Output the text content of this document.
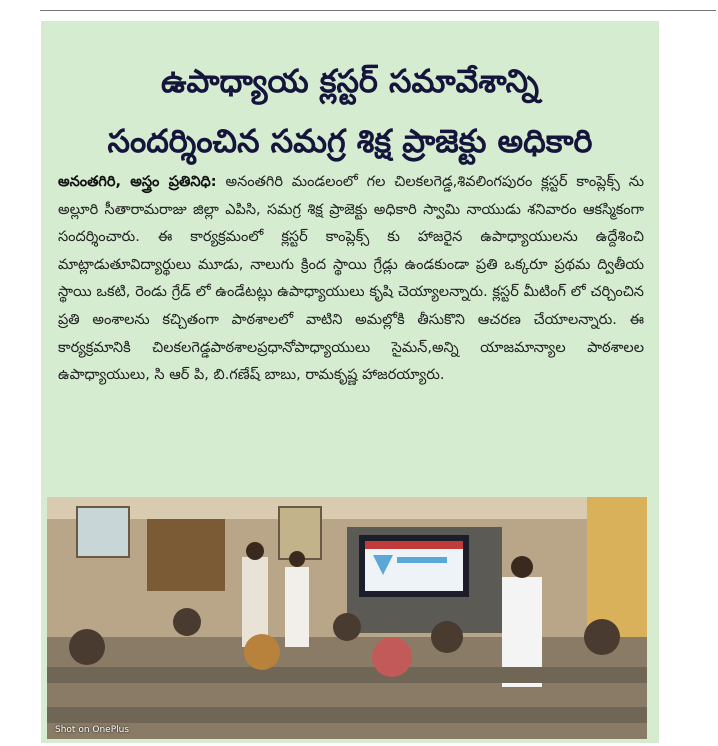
ఉపాధ్యాయ క్లస్టర్ సమావేశాన్ని
సందర్శించిన సమగ్ర శిక్ష ప్రాజెక్టు అధికారి

అనంతగిరి, అస్త్రం ప్రతినిధి: అనంతగిరి మండలంలో గల చిలకలగెడ్డ,శివలింగపురం క్లస్టర్ కాంప్లెక్స్ ను అల్లూరి సీతారామరాజు జిల్లా ఎపిసి, సమగ్ర శిక్ష ప్రాజెక్టు అధికారి స్వామి నాయుడు శనివారం ఆకస్మికంగా సందర్శించారు. ఈ కార్యక్రమంలో క్లస్టర్ కాంప్లెక్స్ కు హాజరైన ఉపాధ్యాయులను ఉద్దేశించి మాట్లాడుతూవిద్యార్థులు మూడు, నాలుగు క్రింద స్థాయి గ్రేడ్లు ఉండకుండా ప్రతి ఒక్కరూ ప్రథమ ద్వితీయ స్థాయి ఒకటి, రెండు గ్రేడ్ లో ఉండేటట్లు ఉపాధ్యాయులు కృషి చెయ్యాలన్నారు. క్లస్టర్ మీటింగ్ లో చర్చించిన ప్రతి అంశాలను కచ్చితంగా పాఠశాలలో వాటిని అమల్లోకి తీసుకొని ఆచరణ చేయాలన్నారు. ఈ కార్యక్రమానికి చిలకలగెడ్డపాఠశాలప్రధానోపాధ్యాయులు సైమన్,అన్ని యాజమాన్యాల పాఠశాలల ఉపాధ్యాయులు, సి ఆర్ పి, బి.గణేష్ బాబు, రామకృష్ణ హాజరయ్యారు.

Shot on OnePlus
